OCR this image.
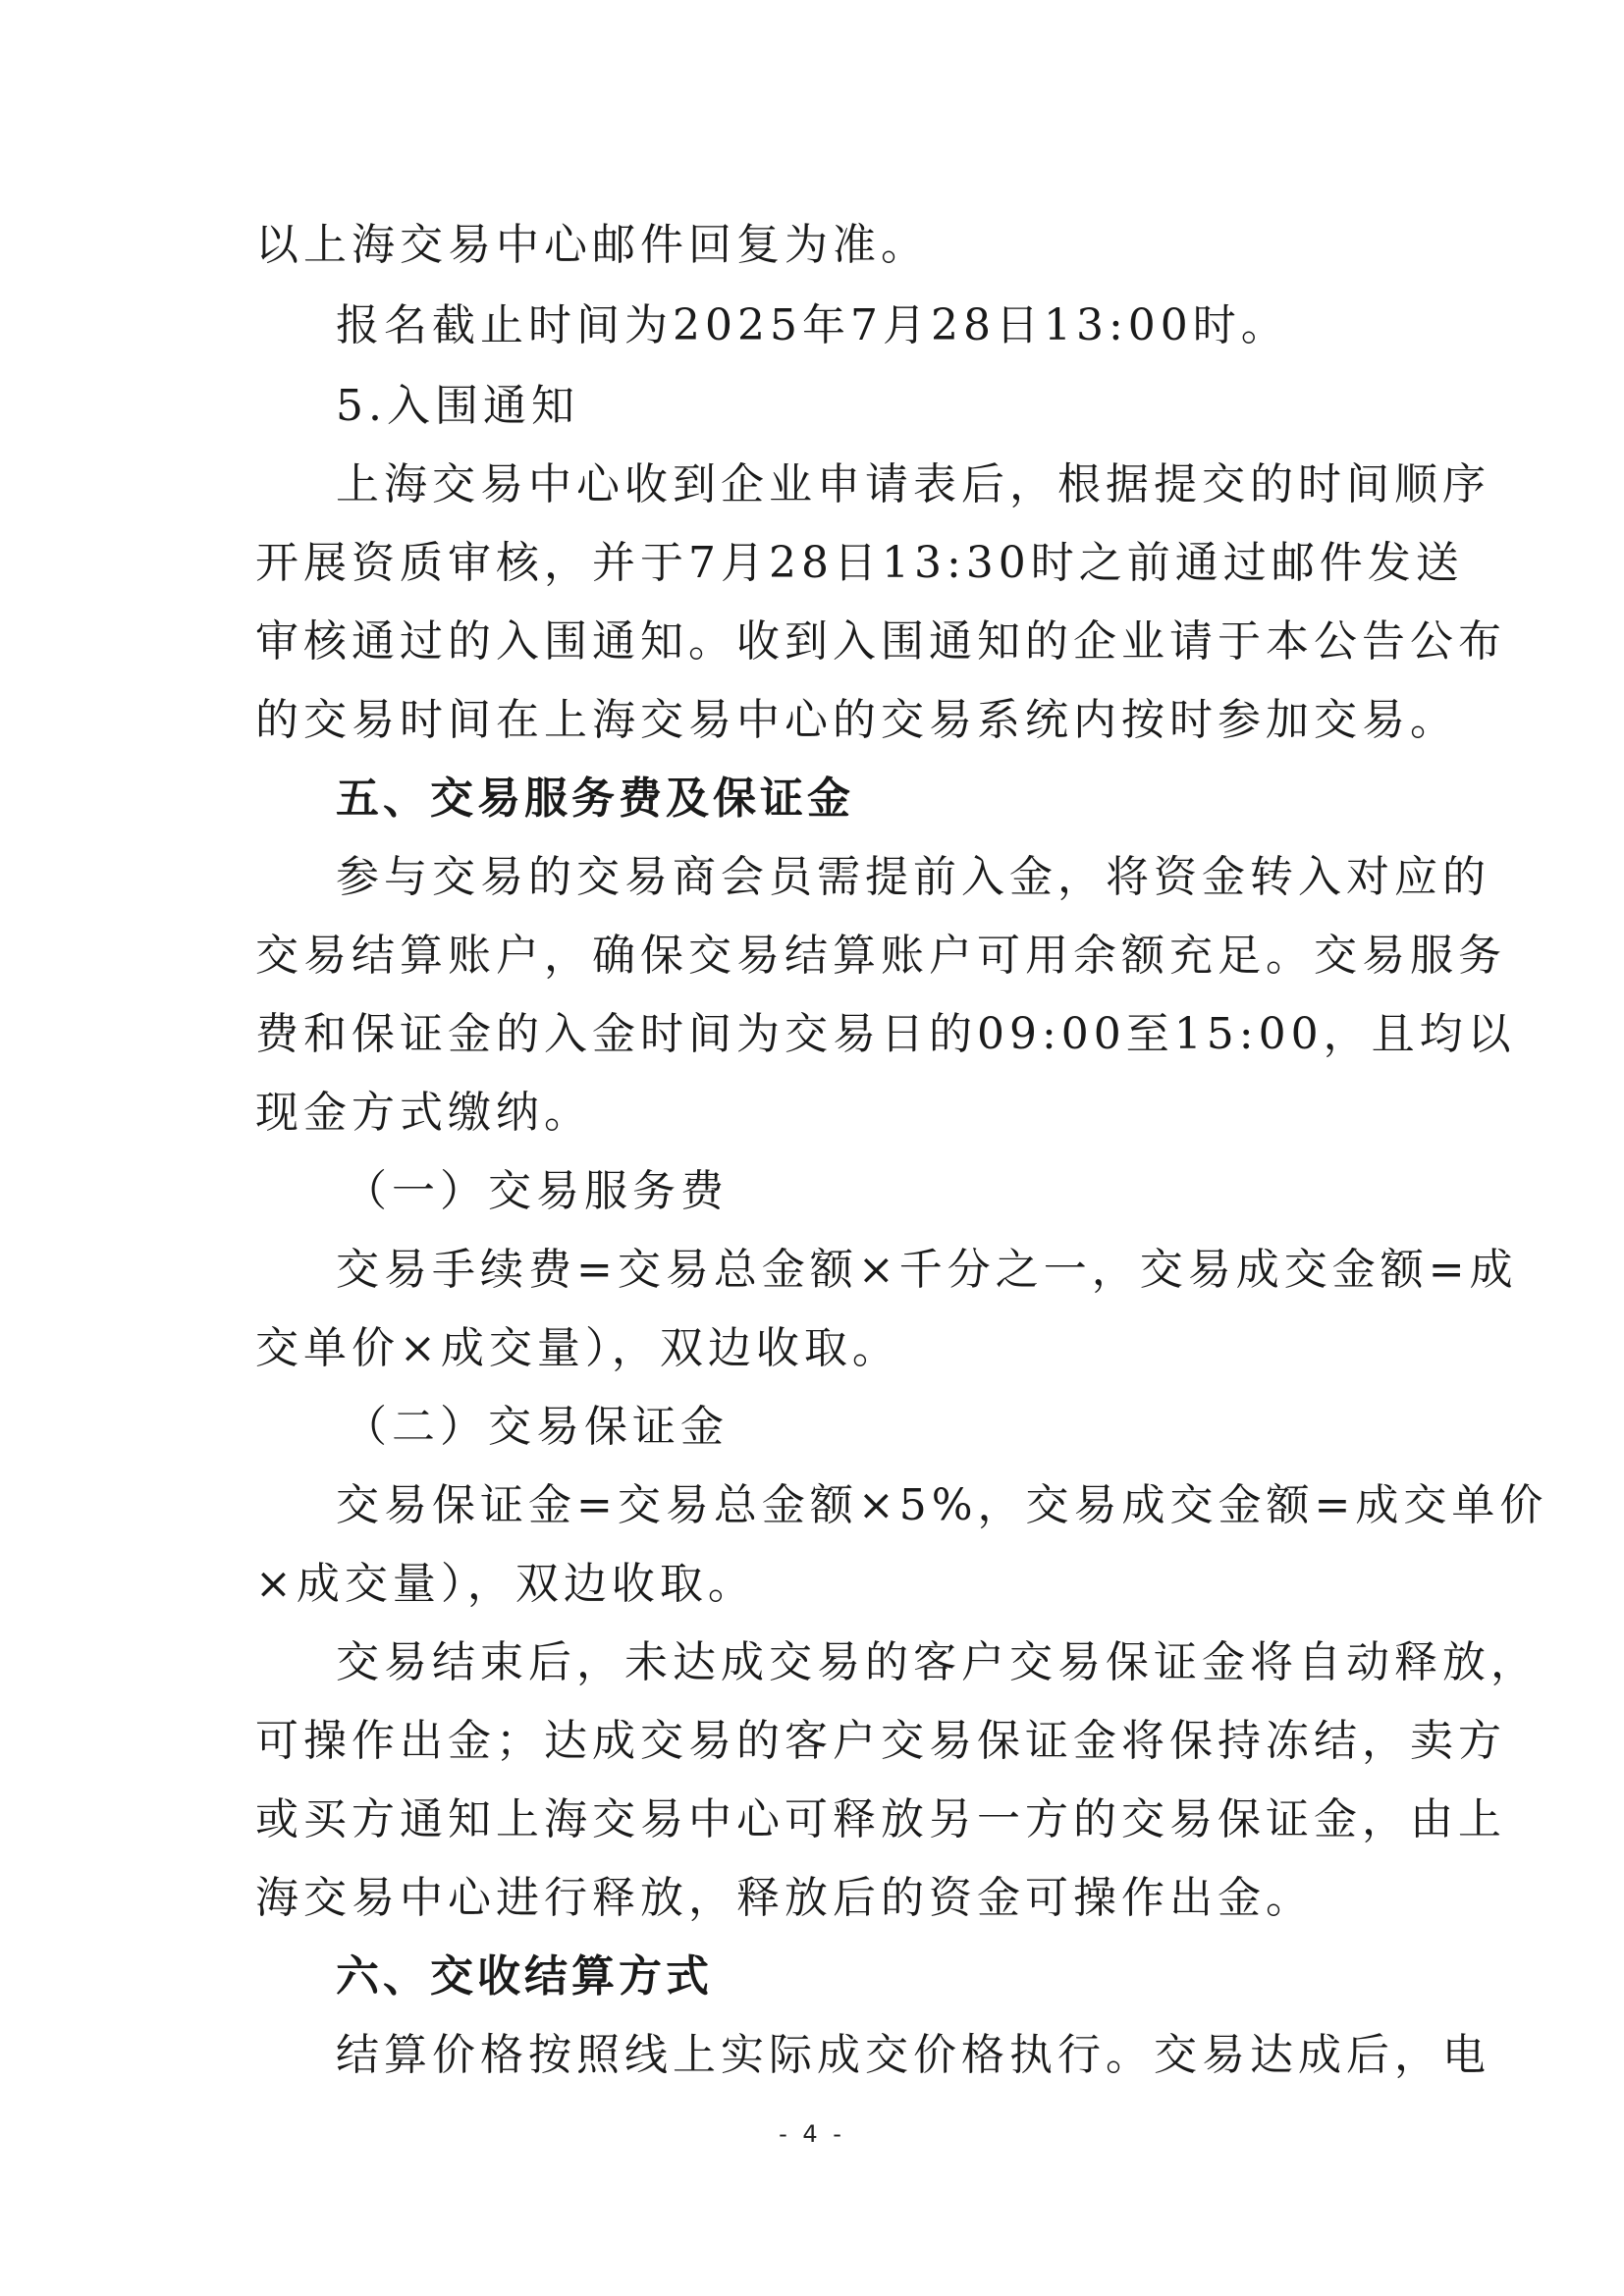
以上海交易中心邮件回复为准。
报名截止时间为2025年7月28日13:00时。
5.入围通知
上海交易中心收到企业申请表后，根据提交的时间顺序
开展资质审核，并于7月28日13:30时之前通过邮件发送
审核通过的入围通知。收到入围通知的企业请于本公告公布
的交易时间在上海交易中心的交易系统内按时参加交易。
五、交易服务费及保证金
参与交易的交易商会员需提前入金，将资金转入对应的
交易结算账户，确保交易结算账户可用余额充足。交易服务
费和保证金的入金时间为交易日的09:00至15:00，且均以
现金方式缴纳。
（一）交易服务费
交易手续费=交易总金额×千分之一，交易成交金额=成
交单价×成交量），双边收取。
（二）交易保证金
交易保证金=交易总金额×5%，交易成交金额=成交单价
×成交量），双边收取。
交易结束后，未达成交易的客户交易保证金将自动释放，
可操作出金；达成交易的客户交易保证金将保持冻结，卖方
或买方通知上海交易中心可释放另一方的交易保证金，由上
海交易中心进行释放，释放后的资金可操作出金。
六、交收结算方式
结算价格按照线上实际成交价格执行。交易达成后，电
- 4 -
